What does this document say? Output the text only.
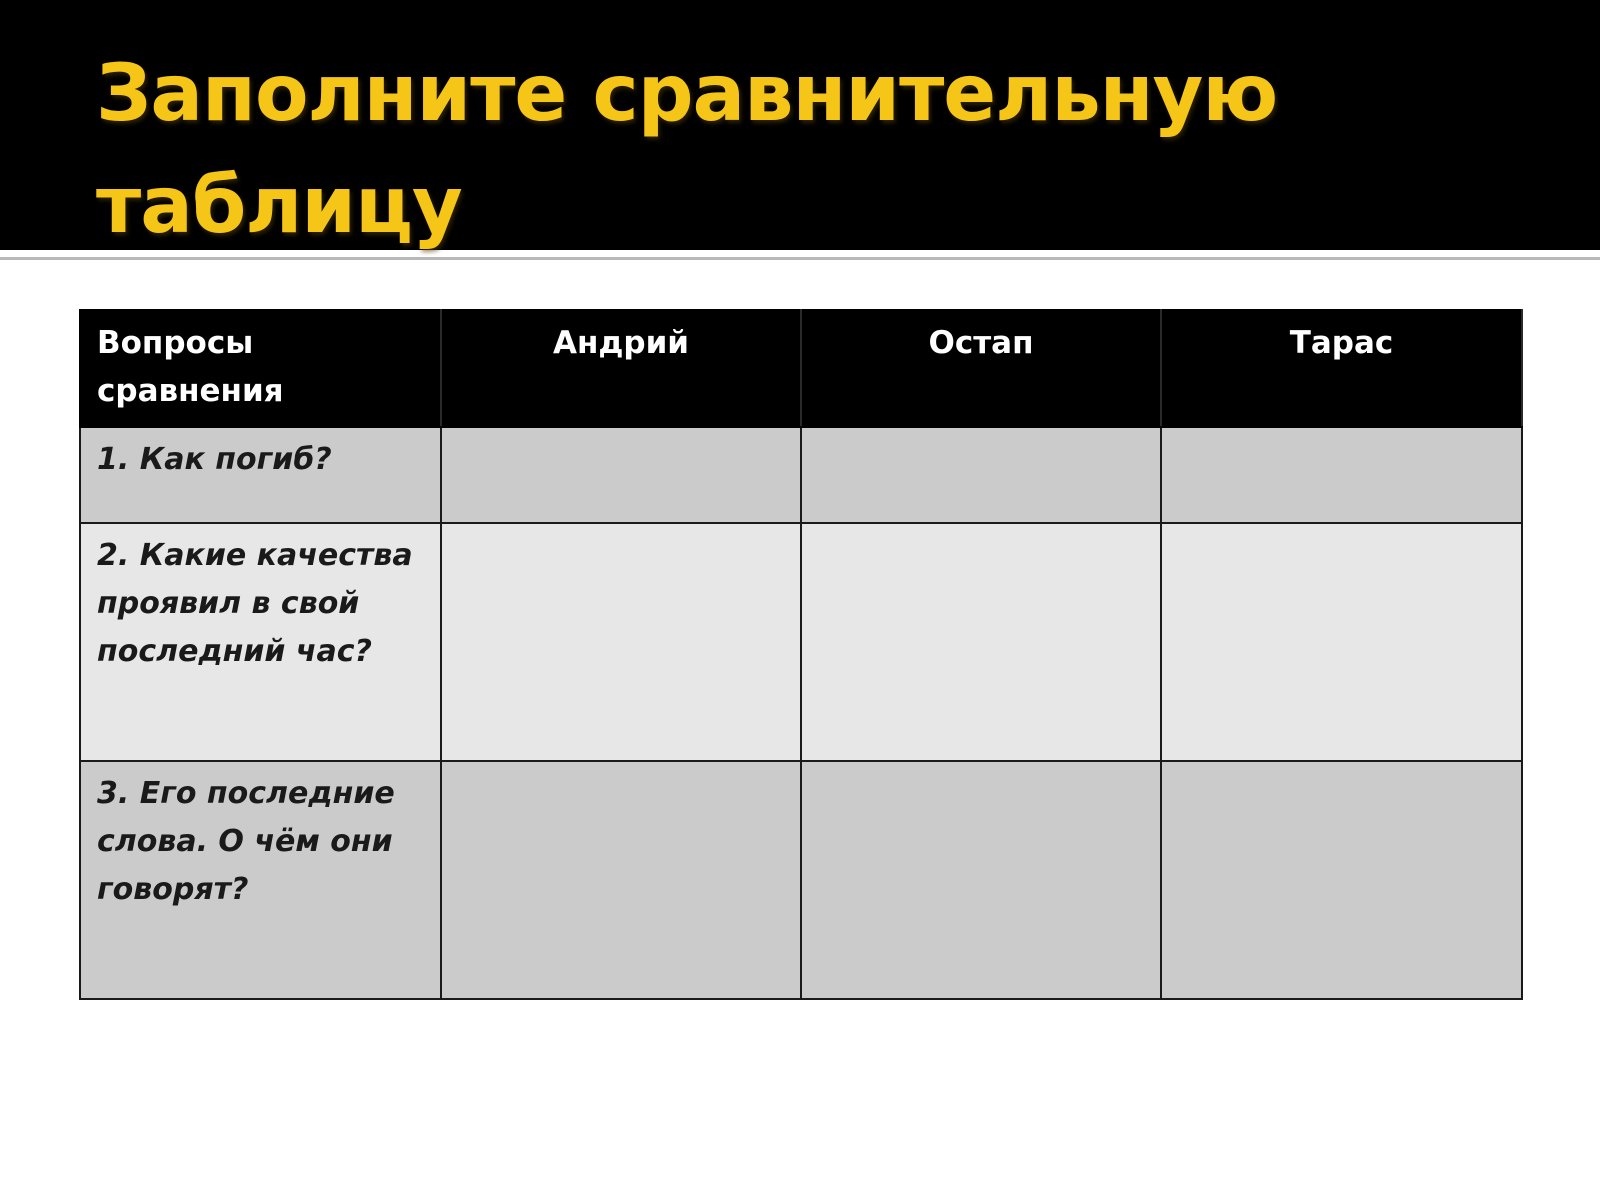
Заполните сравнительную таблицу
Вопросы сравнения	Андрий	Остап	Тарас
1. Как погиб?			
2. Какие качества проявил в свой последний час?			
3. Его последние слова. О чём они говорят?			
